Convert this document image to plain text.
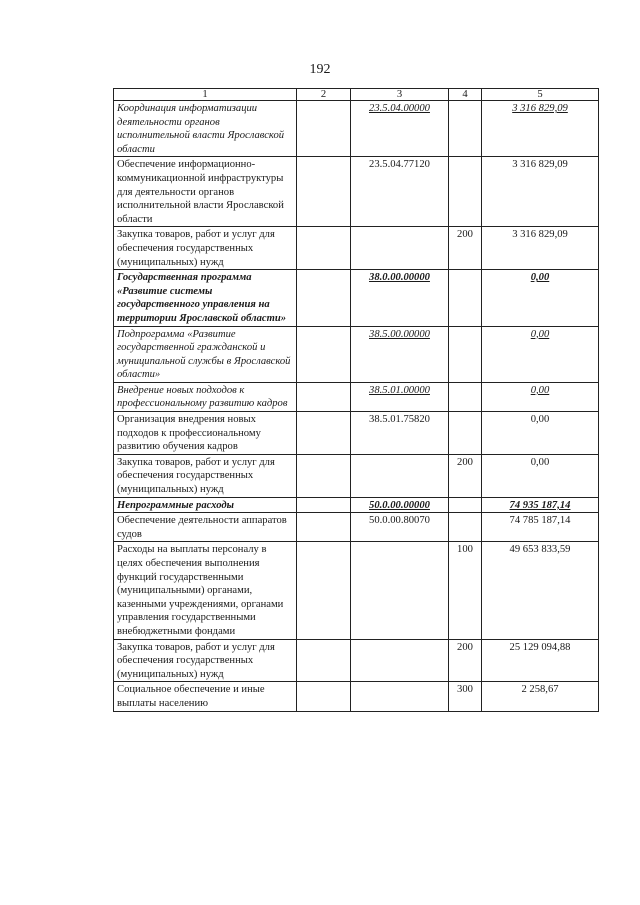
192
1	2	3	4	5
Координация информатизации деятельности органов исполнительной власти Ярославской области		23.5.04.00000		3 316 829,09
Обеспечение информационно-коммуникационной инфраструктуры для деятельности органов исполнительной власти Ярославской области		23.5.04.77120		3 316 829,09
Закупка товаров, работ и услуг для обеспечения государственных (муниципальных) нужд			200	3 316 829,09
Государственная программа «Развитие системы государственного управления на территории Ярославской области»		38.0.00.00000		0,00
Подпрограмма «Развитие государственной гражданской и муниципальной службы в Ярославской области»		38.5.00.00000		0,00
Внедрение новых подходов к профессиональному развитию кадров		38.5.01.00000		0,00
Организация внедрения новых подходов к профессиональному развитию обучения кадров		38.5.01.75820		0,00
Закупка товаров, работ и услуг для обеспечения государственных (муниципальных) нужд			200	0,00
Непрограммные расходы		50.0.00.00000		74 935 187,14
Обеспечение деятельности аппаратов судов		50.0.00.80070		74 785 187,14
Расходы на выплаты персоналу в целях обеспечения выполнения функций государственными (муниципальными) органами, казенными учреждениями, органами управления государственными внебюджетными фондами			100	49 653 833,59
Закупка товаров, работ и услуг для обеспечения государственных (муниципальных) нужд			200	25 129 094,88
Социальное обеспечение и иные выплаты населению			300	2 258,67
